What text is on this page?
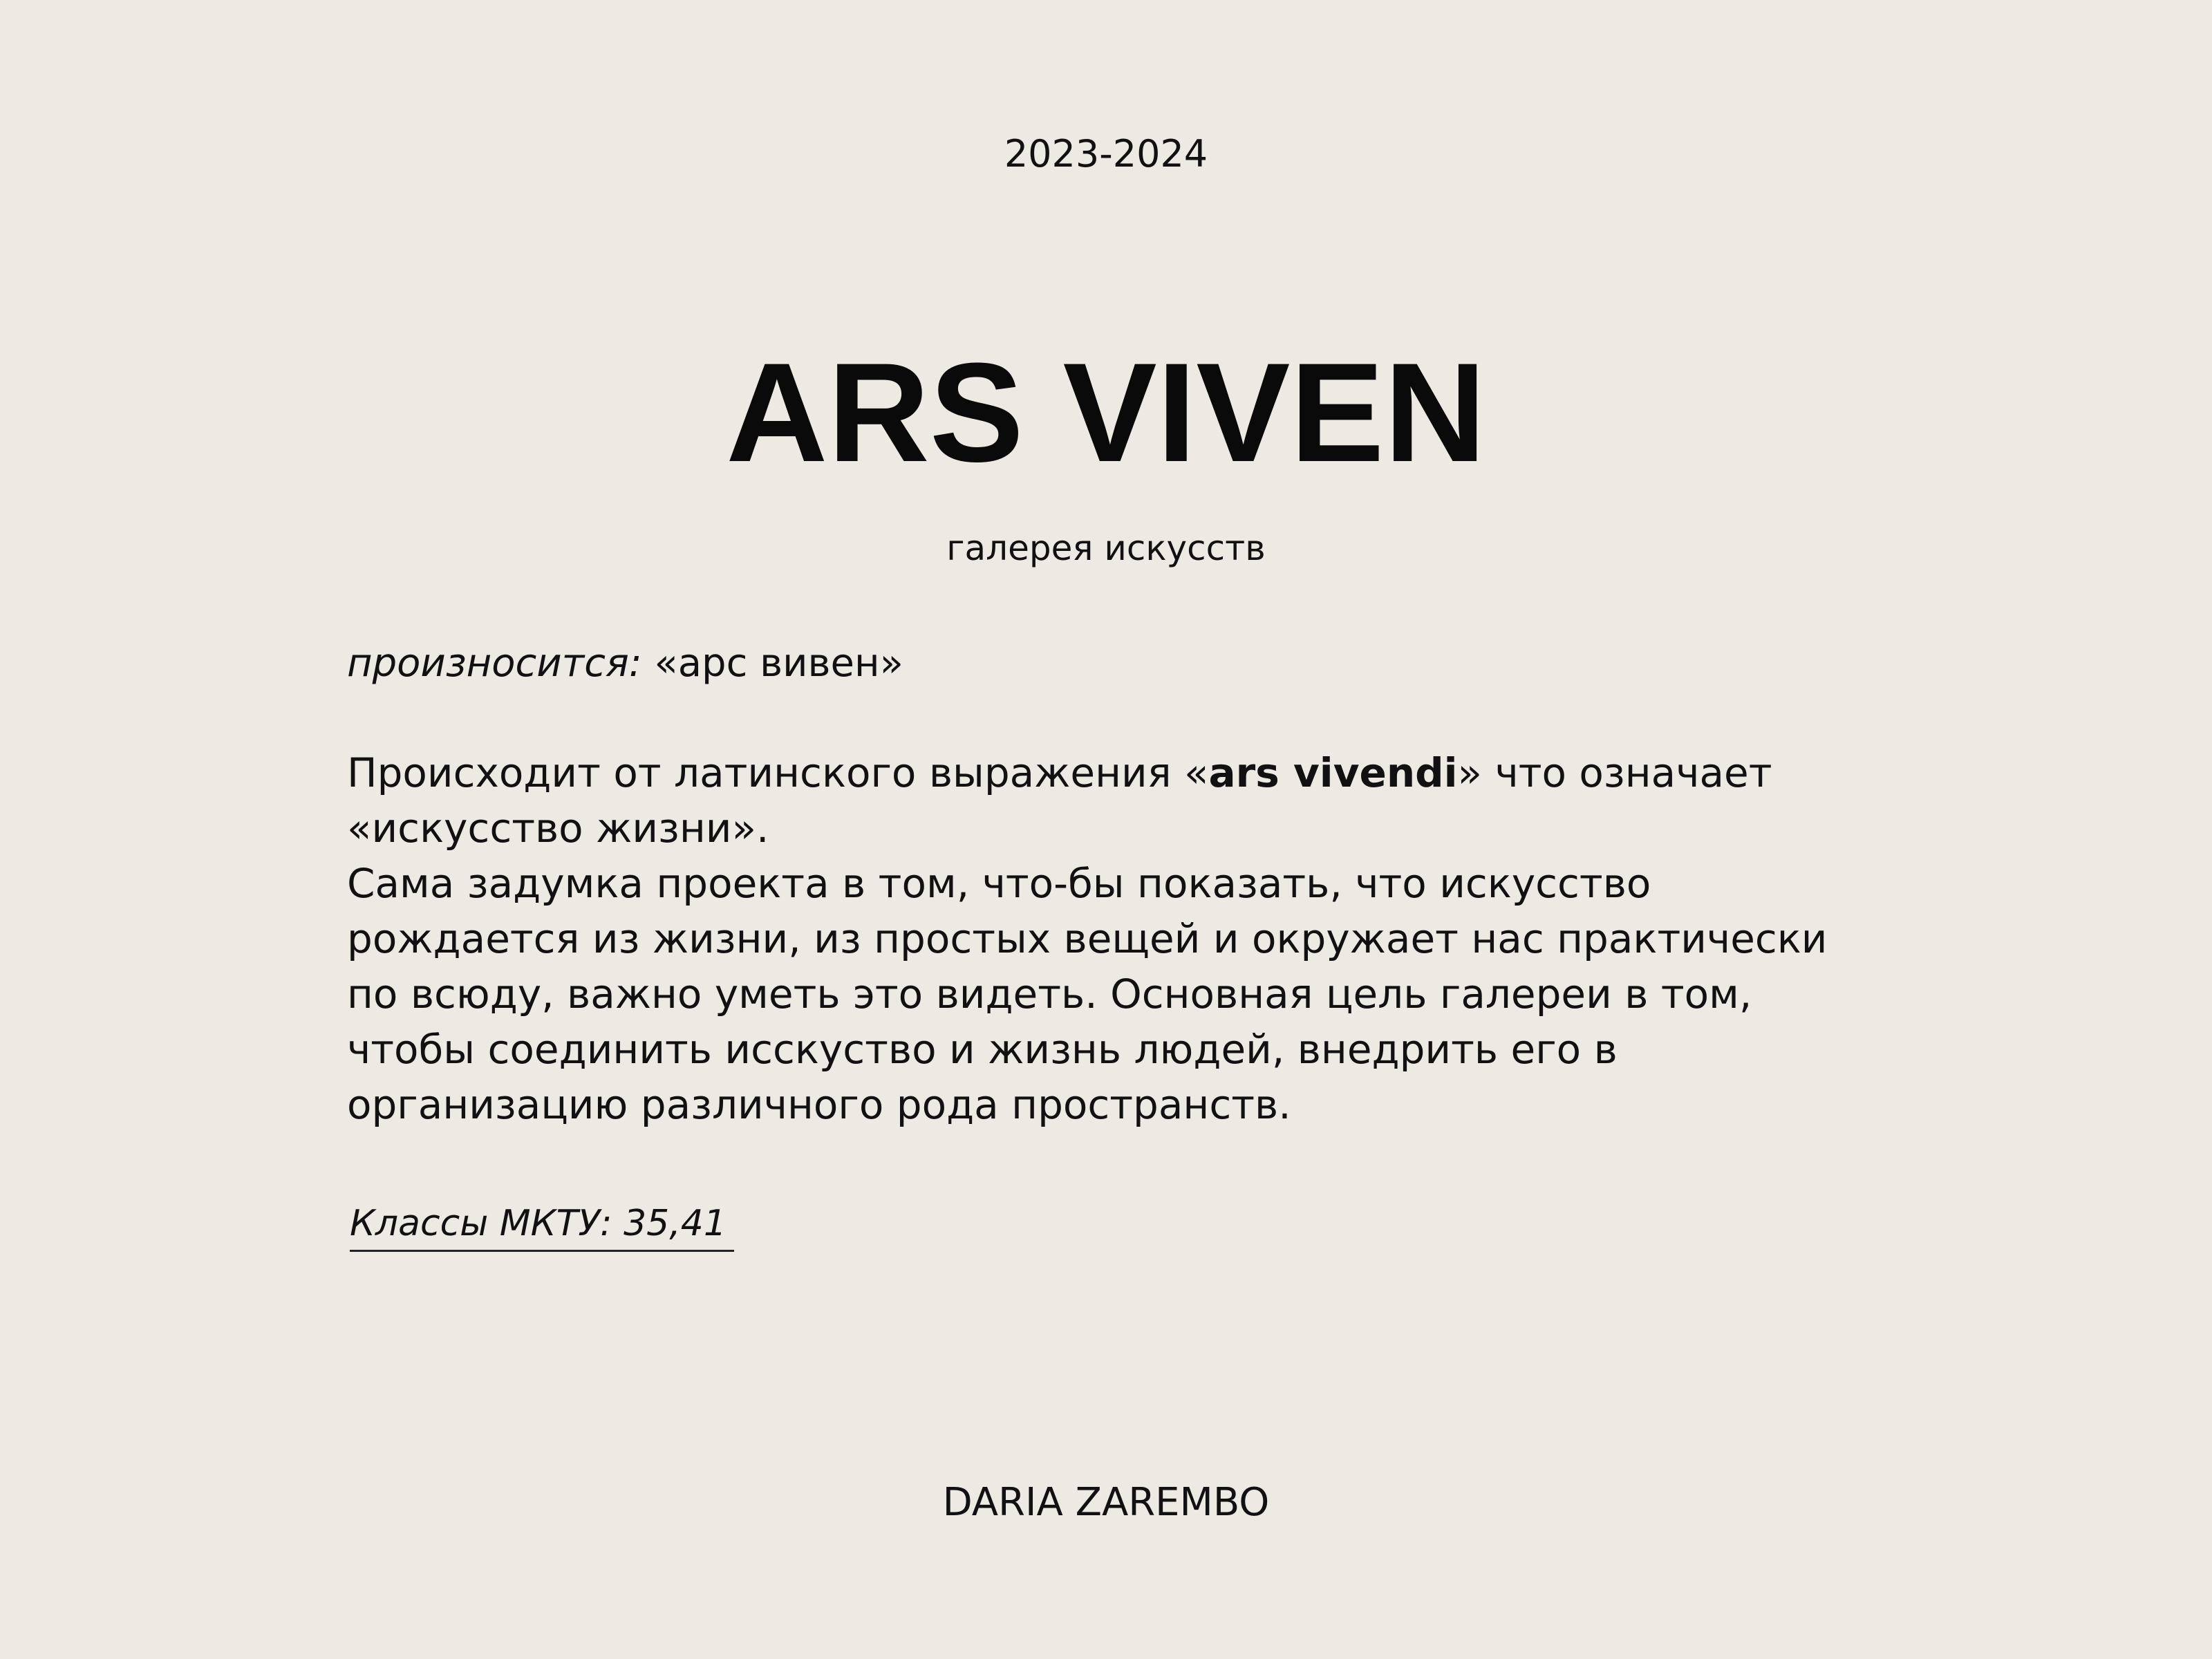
2023-2024
ARS VIVEN
галерея искусств
произносится: «арс вивен»

Происходит от латинского выражения «ars vivendi» что означает

«искусство жизни».

Сама задумка проекта в том, что-бы показать, что искусство

рождается из жизни, из простых вещей и окружает нас практически

по всюду, важно уметь это видеть. Основная цель галереи в том,

чтобы соединить исскуство и жизнь людей, внедрить его в

организацию различного рода пространств.

Классы МКТУ: 35,41
DARIA ZAREMBO
